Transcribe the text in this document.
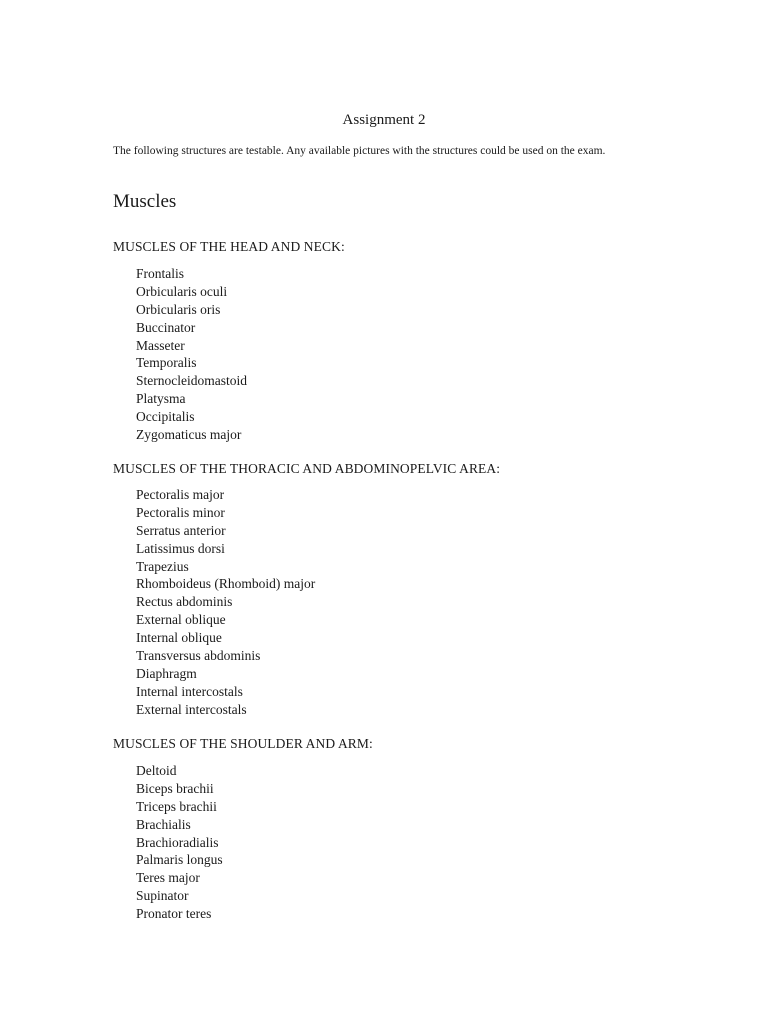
Assignment 2
The following structures are testable. Any available pictures with the structures could be used on the exam.
Muscles
MUSCLES OF THE HEAD AND NECK:
Frontalis
Orbicularis oculi
Orbicularis oris
Buccinator
Masseter
Temporalis
Sternocleidomastoid
Platysma
Occipitalis
Zygomaticus major
MUSCLES OF THE THORACIC AND ABDOMINOPELVIC AREA:
Pectoralis major
Pectoralis minor
Serratus anterior
Latissimus dorsi
Trapezius
Rhomboideus (Rhomboid) major
Rectus abdominis
External oblique
Internal oblique
Transversus abdominis
Diaphragm
Internal intercostals
External intercostals
MUSCLES OF THE SHOULDER AND ARM:
Deltoid
Biceps brachii
Triceps brachii
Brachialis
Brachioradialis
Palmaris longus
Teres major
Supinator
Pronator teres
